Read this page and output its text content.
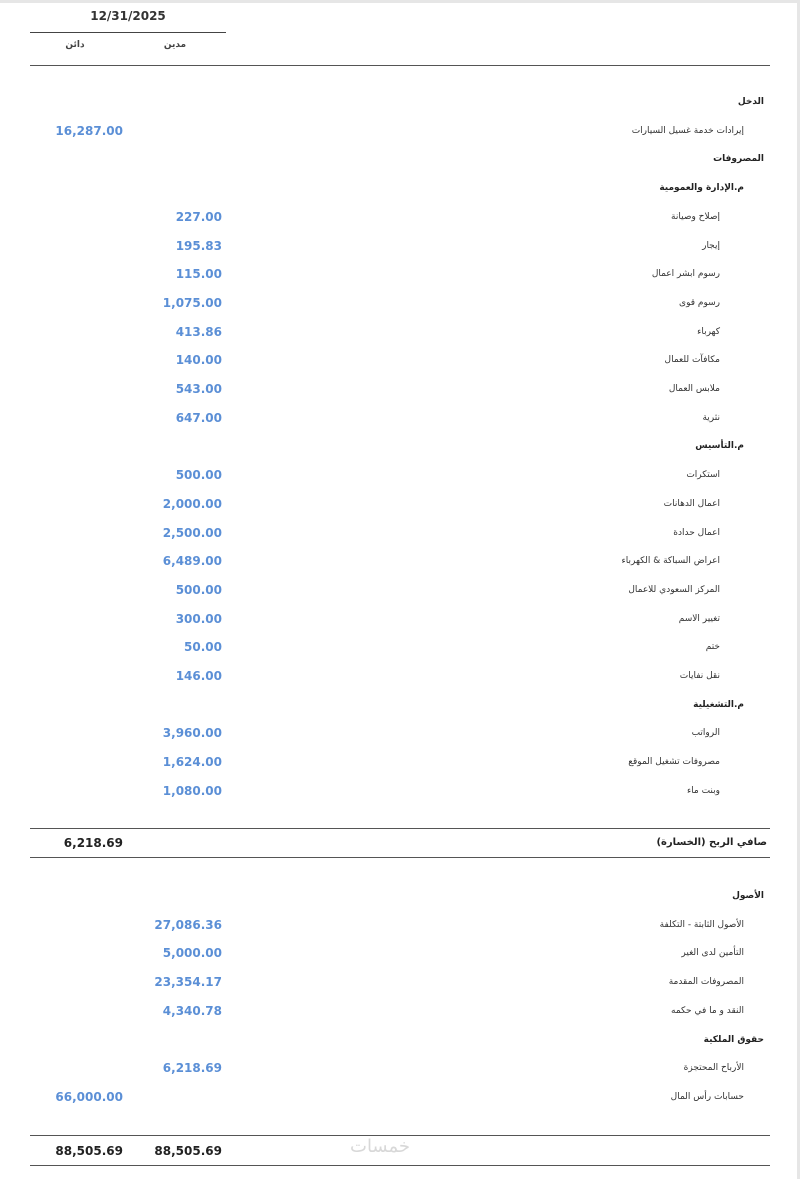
12/31/2025
مدين
دائن
الدخل
إيرادات خدمة غسيل السيارات
16,287.00
المصروفات
م.الإدارة والعمومية
إصلاح وصيانة
227.00
إيجار
195.83
رسوم ابشر اعمال
115.00
رسوم قوى
1,075.00
كهرباء
413.86
مكافآت للعمال
140.00
ملابس العمال
543.00
نثرية
647.00
م.التأسيس
استكرات
500.00
اعمال الدهانات
2,000.00
اعمال حدادة
2,500.00
اعراض السباكة & الكهرباء
6,489.00
المركز السعودي للاعمال
500.00
تغيير الاسم
300.00
ختم
50.00
نقل نفايات
146.00
م.التشغيلية
الرواتب
3,960.00
مصروفات تشغيل الموقع
1,624.00
وبنت ماء
1,080.00
صافي الربح (الخسارة)
6,218.69
الأصول
الأصول الثابتة - التكلفة
27,086.36
التأمين لدى الغير
5,000.00
المصروفات المقدمة
23,354.17
النقد و ما في حكمه
4,340.78
حقوق الملكية
الأرباح المحتجزة
6,218.69
حسابات رأس المال
66,000.00
88,505.69
88,505.69	خمسات
